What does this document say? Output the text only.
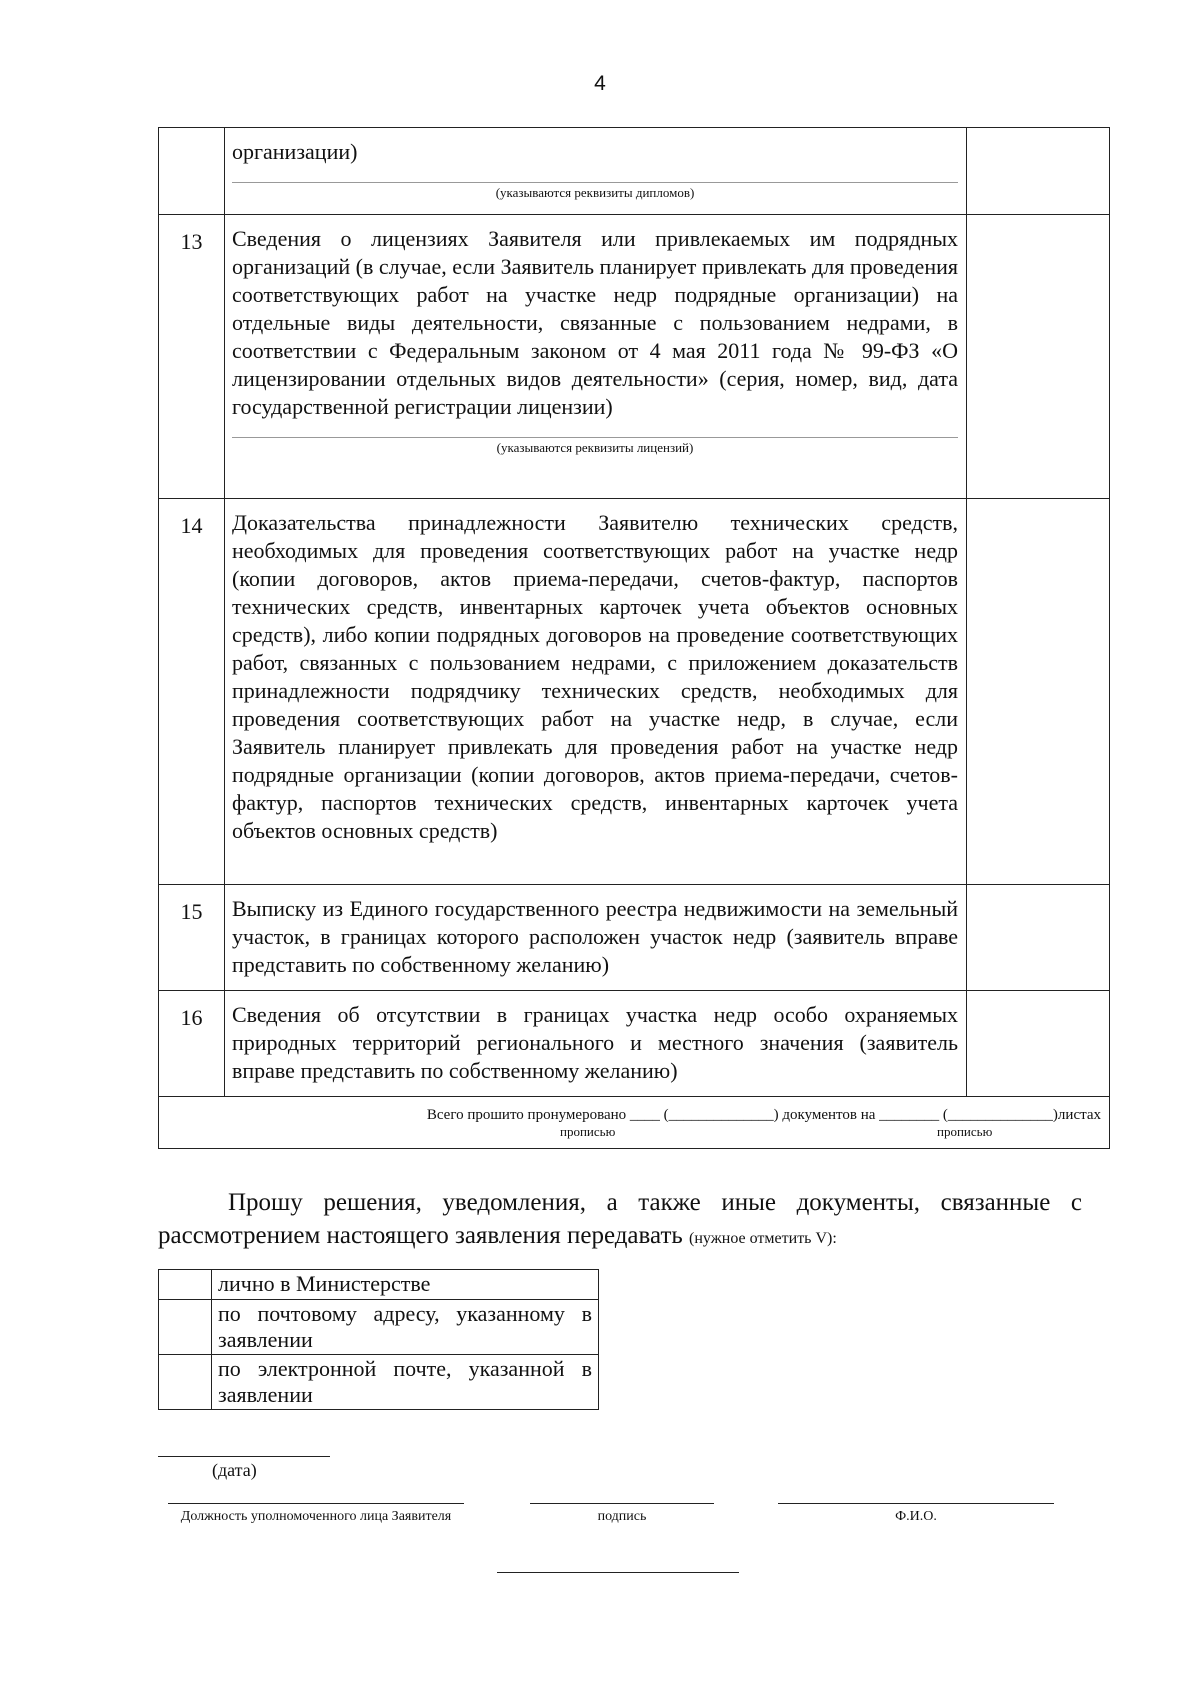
4

	организации)

(указываются реквизиты дипломов)	

13	Сведения о лицензиях Заявителя или привлекаемых им подрядных организаций (в случае, если Заявитель планирует привлекать для проведения соответствующих работ на участке недр подрядные организации) на отдельные виды деятельности, связанные с пользованием недрами, в соответствии с Федеральным законом от 4 мая 2011 года № 99-ФЗ «О лицензировании отдельных видов деятельности» (серия, номер, вид, дата государственной регистрации лицензии)

(указываются реквизиты лицензий)	

14	Доказательства принадлежности Заявителю технических средств, необходимых для проведения соответствующих работ на участке недр (копии договоров, актов приема-передачи, счетов-фактур, паспортов технических средств, инвентарных карточек учета объектов основных средств), либо копии подрядных договоров на проведение соответствующих работ, связанных с пользованием недрами, с приложением доказательств принадлежности подрядчику технических средств, необходимых для проведения соответствующих работ на участке недр, в случае, если Заявитель планирует привлекать для проведения работ на участке недр подрядные организации (копии договоров, актов приема-передачи, счетов-фактур, паспортов технических средств, инвентарных карточек учета объектов основных средств)	

15	Выписку из Единого государственного реестра недвижимости на земельный участок, в границах которого расположен участок недр (заявитель вправе представить по собственному желанию)	

16	Сведения об отсутствии в границах участка недр особо охраняемых природных территорий регионального и местного значения (заявитель вправе представить по собственному желанию)	

Всего прошито пронумеровано ____ (______________) документов на ________ (______________)листах
прописью прописью		
Прошу решения, уведомления, а также иные документы, связанные с рассмотрением настоящего заявления передавать (нужное отметить V):
	лично в Министерстве
	по почтовому адресу, указанному в заявлении
	по электронной почте, указанной в заявлении
(дата)
Должность уполномоченного лица Заявителя	подпись	Ф.И.О.
